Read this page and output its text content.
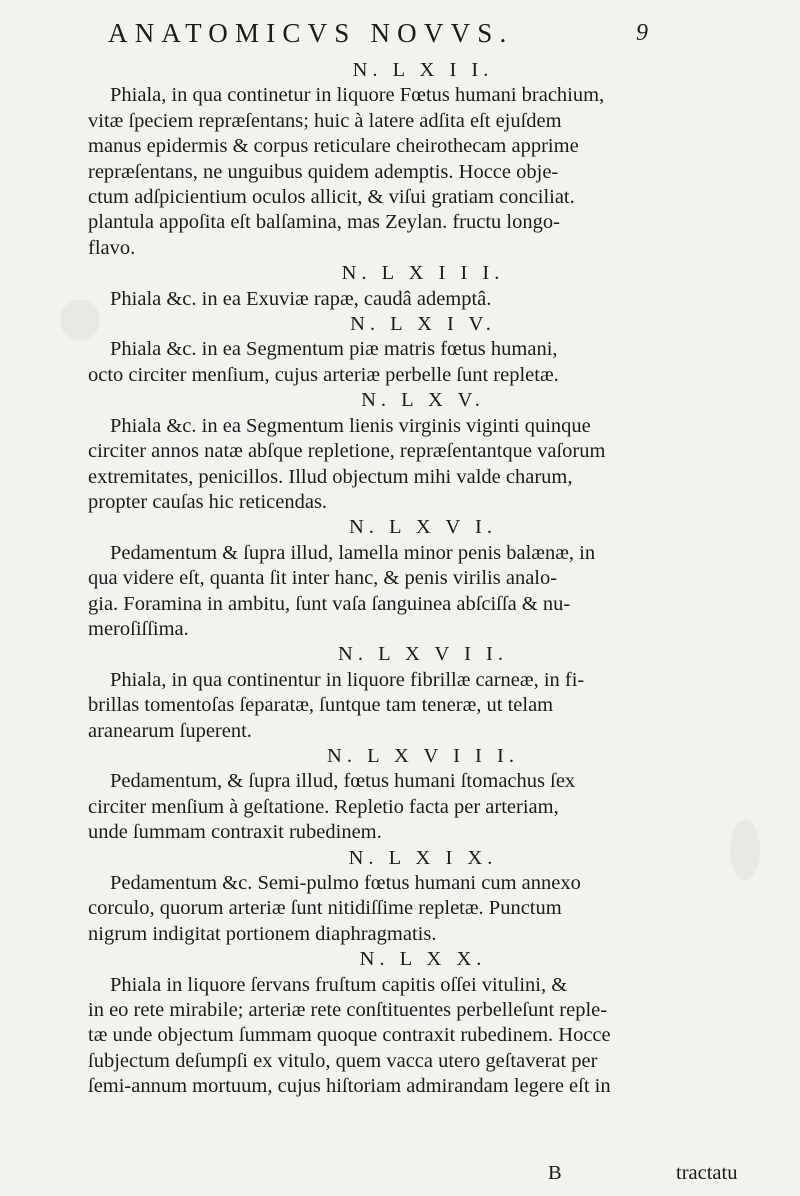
ANATOMICVS NOVVS.	9
N. L X I I.
Phiala, in qua continetur in liquore Fœtus humani brachium,
vitæ ſpeciem repræſentans; huic à latere adſita eſt ejuſdem
manus epidermis & corpus reticulare cheirothecam apprime
repræſentans, ne unguibus quidem ademptis. Hocce obje-
ctum adſpicientium oculos allicit, & viſui gratiam conciliat.
plantula appoſita eſt balſamina, mas Zeylan. fructu longo-
flavo.
N. L X I I I.
Phiala &c. in ea Exuviæ rapæ, caudâ ademptâ.
N. L X I V.
Phiala &c. in ea Segmentum piæ matris fœtus humani,
octo circiter menſium, cujus arteriæ perbelle ſunt repletæ.
N. L X V.
Phiala &c. in ea Segmentum lienis virginis viginti quinque
circiter annos natæ abſque repletione, repræſentantque vaſorum
extremitates, penicillos. Illud objectum mihi valde charum,
propter cauſas hic reticendas.
N. L X V I.
Pedamentum & ſupra illud, lamella minor penis balænæ, in
qua videre eſt, quanta ſit inter hanc, & penis virilis analo-
gia. Foramina in ambitu, ſunt vaſa ſanguinea abſciſſa & nu-
meroſiſſima.
N. L X V I I.
Phiala, in qua continentur in liquore fibrillæ carneæ, in fi-
brillas tomentoſas ſeparatæ, ſuntque tam teneræ, ut telam
aranearum ſuperent.
N. L X V I I I.
Pedamentum, & ſupra illud, fœtus humani ſtomachus ſex
circiter menſium à geſtatione. Repletio facta per arteriam,
unde ſummam contraxit rubedinem.
N. L X I X.
Pedamentum &c. Semi-pulmo fœtus humani cum annexo
corculo, quorum arteriæ ſunt nitidiſſime repletæ. Punctum
nigrum indigitat portionem diaphragmatis.
N. L X X.
Phiala in liquore ſervans fruſtum capitis oſſei vitulini, &
in eo rete mirabile; arteriæ rete conſtituentes perbelleſunt reple-
tæ unde objectum ſummam quoque contraxit rubedinem. Hocce
ſubjectum deſumpſi ex vitulo, quem vacca utero geſtaverat per
ſemi-annum mortuum, cujus hiſtoriam admirandam legere eſt in
B	tractatu
